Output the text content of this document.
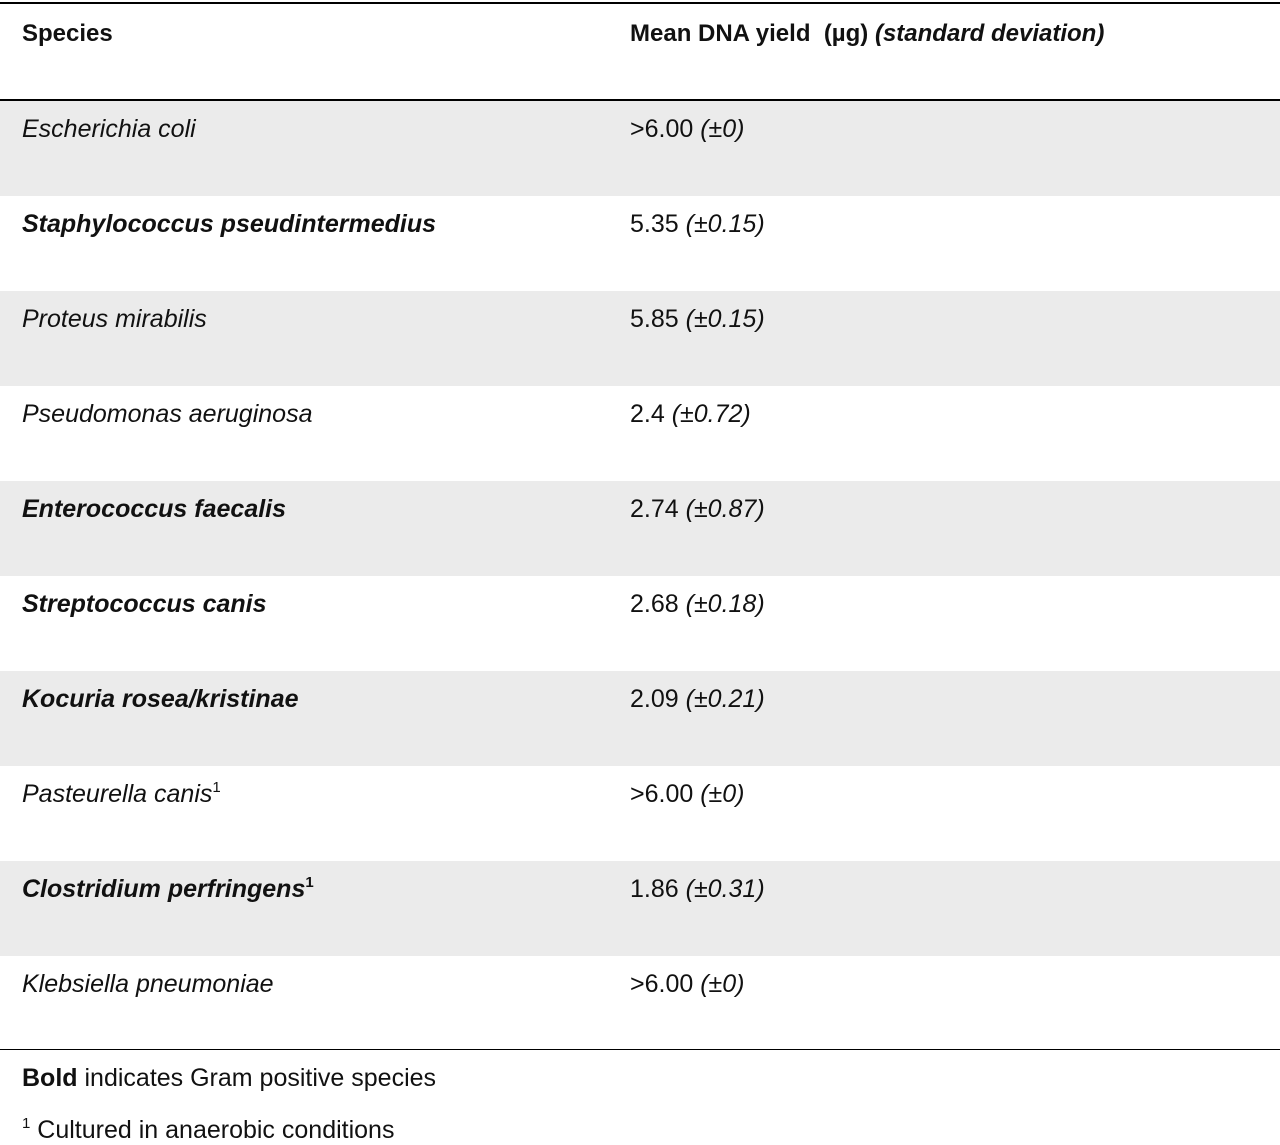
Species	Mean DNA yield  (µg) (standard deviation)
Escherichia coli	>6.00 (±0)
Staphylococcus pseudintermedius	5.35 (±0.15)
Proteus mirabilis	5.85 (±0.15)
Pseudomonas aeruginosa	2.4 (±0.72)
Enterococcus faecalis	2.74 (±0.87)
Streptococcus canis	2.68 (±0.18)
Kocuria rosea/kristinae	2.09 (±0.21)
Pasteurella canis$^1$	>6.00 (±0)
Clostridium perfringens$^1$	1.86 (±0.31)
Klebsiella pneumoniae	>6.00 (±0)
Bold indicates Gram positive species
$^1$ Cultured in anaerobic conditions
